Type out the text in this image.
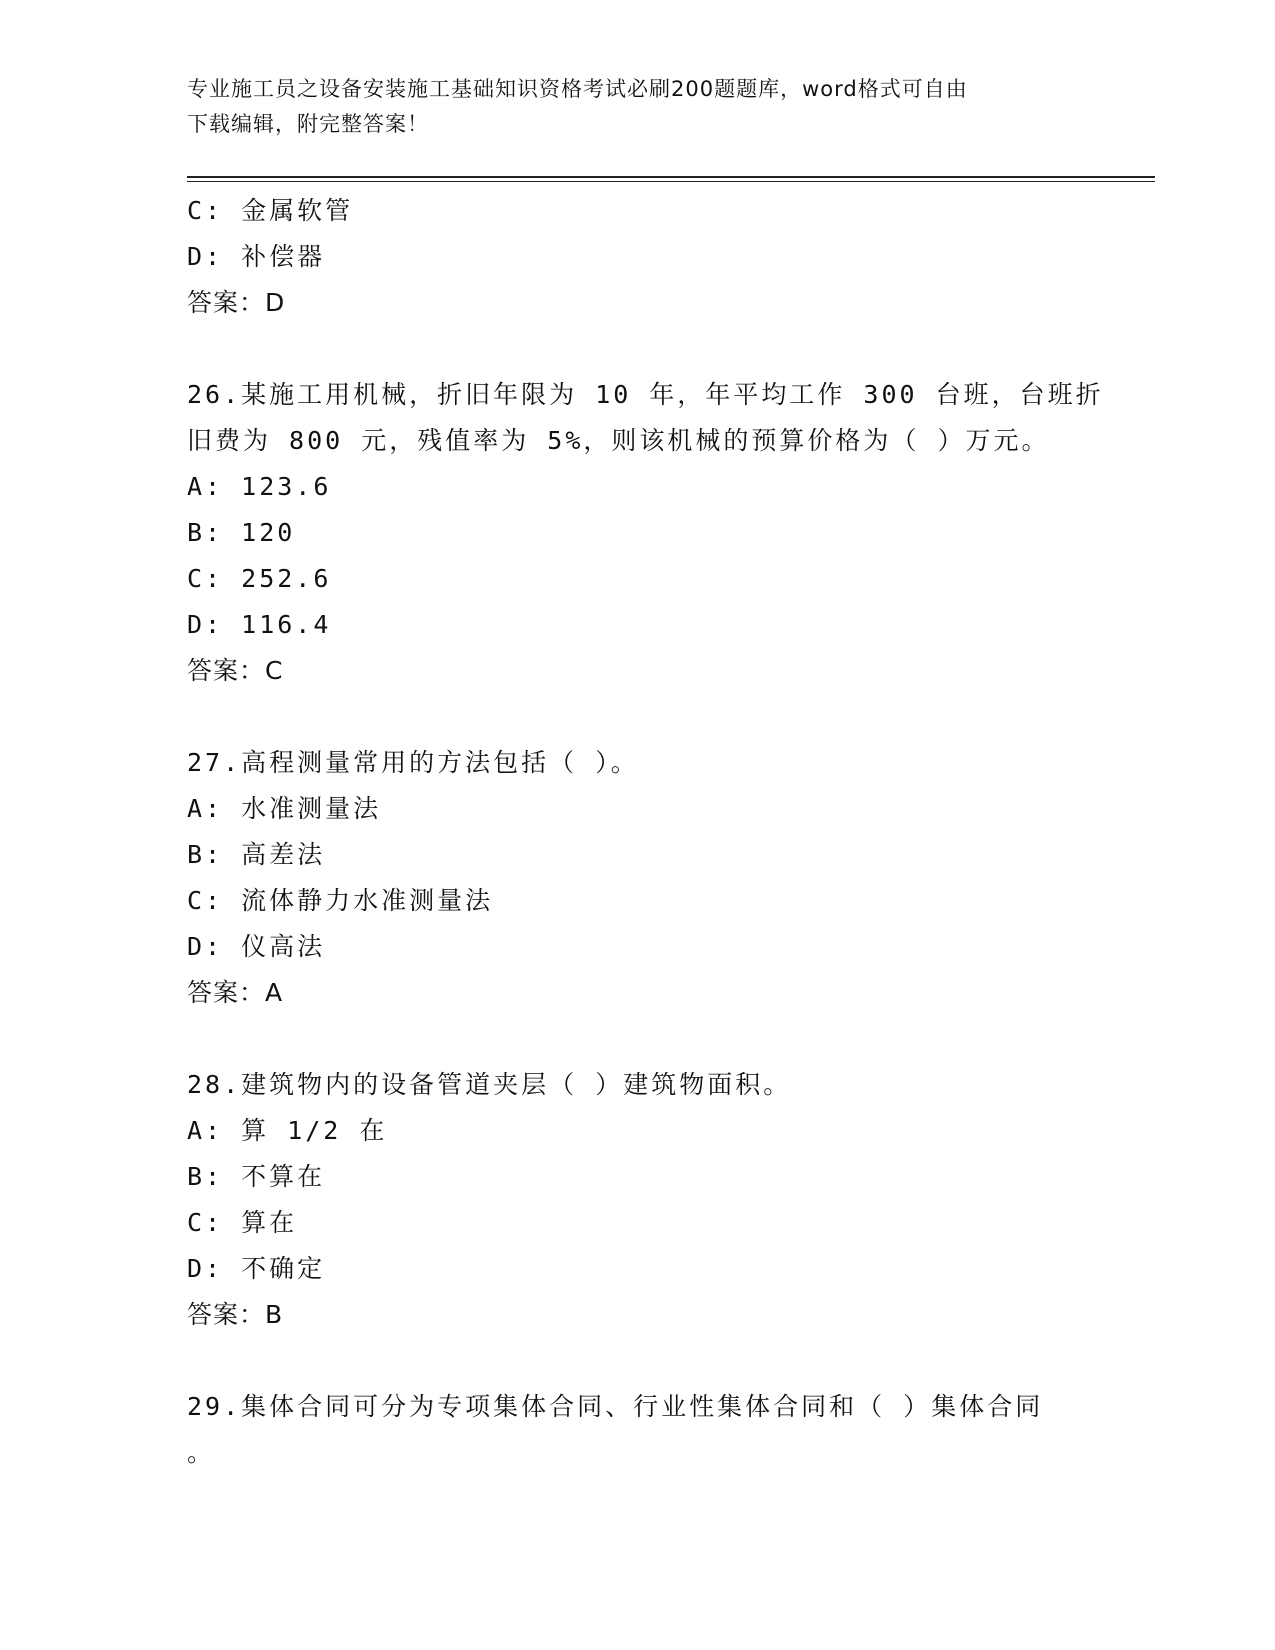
专业施工员之设备安装施工基础知识资格考试必刷200题题库，word格式可自由
下载编辑，附完整答案！
C: 金属软管
D: 补偿器
答案：D
26.某施工用机械，折旧年限为 10 年，年平均工作 300 台班，台班折
旧费为 800 元，残值率为 5%，则该机械的预算价格为（ ）万元。
A: 123.6
B: 120
C: 252.6
D: 116.4
答案：C
27.高程测量常用的方法包括（ ）。
A: 水准测量法
B: 高差法
C: 流体静力水准测量法
D: 仪高法
答案：A
28.建筑物内的设备管道夹层（ ）建筑物面积。
A: 算 1/2 在
B: 不算在
C: 算在
D: 不确定
答案：B
29.集体合同可分为专项集体合同、行业性集体合同和（ ）集体合同
。
